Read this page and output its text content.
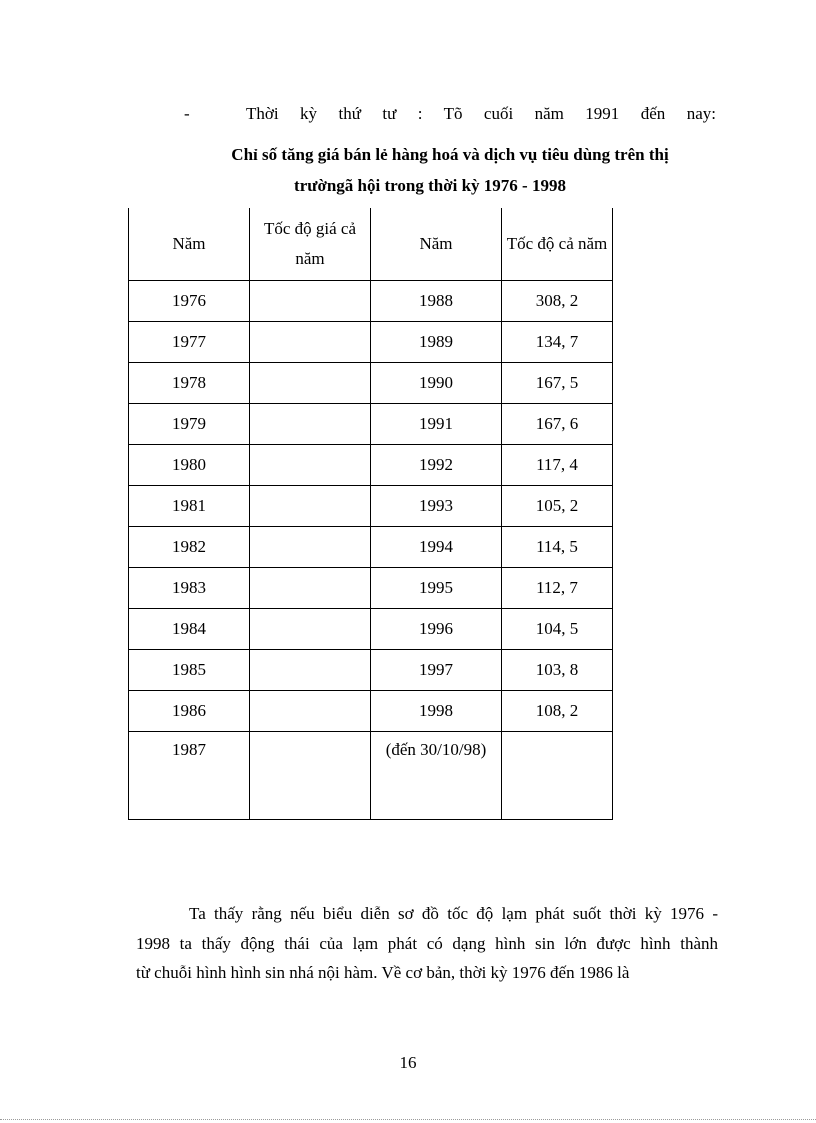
-	Thời kỳ thứ tư : Tõ cuối năm 1991 đến nay:
Chỉ số tăng giá bán lẻ hàng hoá và dịch vụ tiêu dùng trên thị
trườngã hội trong thời kỳ 1976 - 1998
Năm	Tốc độ giá cả năm	Năm	Tốc độ cả năm
1976		1988	308, 2
1977		1989	134, 7
1978		1990	167, 5
1979		1991	167, 6
1980		1992	117, 4
1981		1993	105, 2
1982		1994	114, 5
1983		1995	112, 7
1984		1996	104, 5
1985		1997	103, 8
1986		1998	108, 2
1987		(đến 30/10/98)	
Ta thấy rằng nếu biểu diễn sơ đồ tốc độ lạm phát suốt thời kỳ 1976 -
1998 ta thấy động thái của lạm phát có dạng hình sin lớn được hình thành
từ chuỗi hình hình sin nhá nội hàm. Về cơ bản, thời kỳ 1976 đến 1986 là
16
